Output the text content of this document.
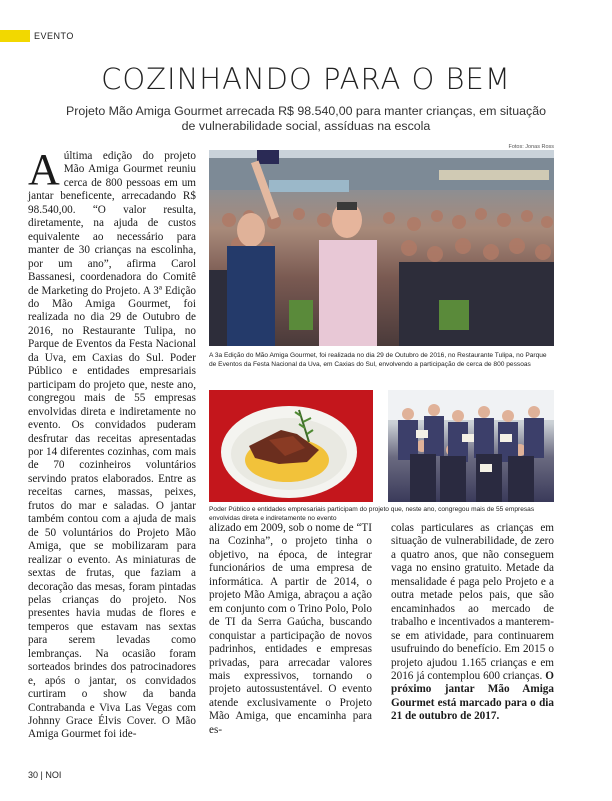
EVENTO
COZINHANDO PARA O BEM

Projeto Mão Amiga Gourmet arrecada R$ 98.540,00 para manter crianças, em situação de vulnerabilidade social, assíduas na escola

Aúltima edição do projeto Mão Amiga Gourmet reuniu cerca de 800 pessoas em um jantar beneficente, arrecadando R$ 98.540,00. “O valor resulta, diretamente, na ajuda de custos equivalente ao necessário para manter de 30 crianças na escolinha, por um ano”, afirma Carol Bassanesi, coordenadora do Comitê de Marketing do Projeto. A 3ª Edição do Mão Amiga Gourmet, foi realizada no dia 29 de Outubro de 2016, no Restaurante Tulipa, no Parque de Eventos da Festa Nacional da Uva, em Caxias do Sul. Poder Público e entidades empresariais participam do projeto que, neste ano, congregou mais de 55 empresas envolvidas direta e indiretamente no evento. Os convidados puderam desfrutar das receitas apresentadas por 14 diferentes cozinhas, com mais de 70 cozinheiros voluntários servindo pratos elaborados. Entre as receitas carnes, massas, peixes, frutos do mar e saladas. O jantar também contou com a ajuda de mais de 50 voluntários do Projeto Mão Amiga, que se mobilizaram para realizar o evento. As miniaturas de sextas de frutas, que faziam a decoração das mesas, foram pintadas pelas crianças do projeto. Nos presentes havia mudas de flores e temperos que estavam nas sextas para serem levadas como lembranças. Na ocasião foram sorteados brindes dos patrocinadores e, após o jantar, os convidados curtiram o show da banda Contrabanda e Viva Las Vegas com Johnny Grace Élvis Cover. O Mão Amiga Gourmet foi ide-
Fotos: Jonas Ross
A 3a Edição do Mão Amiga Gourmet, foi realizada no dia 29 de Outubro de 2016, no Restaurante Tulipa, no Parque de Eventos da Festa Nacional da Uva, em Caxias do Sul, envolvendo a participação de cerca de 800 pessoas
Poder Público e entidades empresariais participam do projeto que, neste ano, congregou mais de 55 empresas envolvidas direta e indiretamente no evento
alizado em 2009, sob o nome de “TI na Cozinha”, o projeto tinha o objetivo, na época, de integrar funcionários de uma empresa de informática. A partir de 2014, o projeto Mão Amiga, abraçou a ação em conjunto com o Trino Polo, Polo de TI da Serra Gaúcha, buscando conquistar a participação de novos padrinhos, entidades e empresas privadas, para arrecadar valores mais expressivos, tornando o projeto autossustentável. O evento atende exclusivamente o Projeto Mão Amiga, que encaminha para es-
colas particulares as crianças em situação de vulnerabilidade, de zero a quatro anos, que não conseguem vaga no ensino gratuito. Metade da mensalidade é paga pelo Projeto e a outra metade pelos pais, que são encaminhados ao mercado de trabalho e incentivados a manterem-se em atividade, para continuarem usufruindo do benefício. Em 2015 o projeto ajudou 1.165 crianças e em 2016 já contemplou 600 crianças. O próximo jantar Mão Amiga Gourmet está marcado para o dia 21 de outubro de 2017.
30 | NOI
